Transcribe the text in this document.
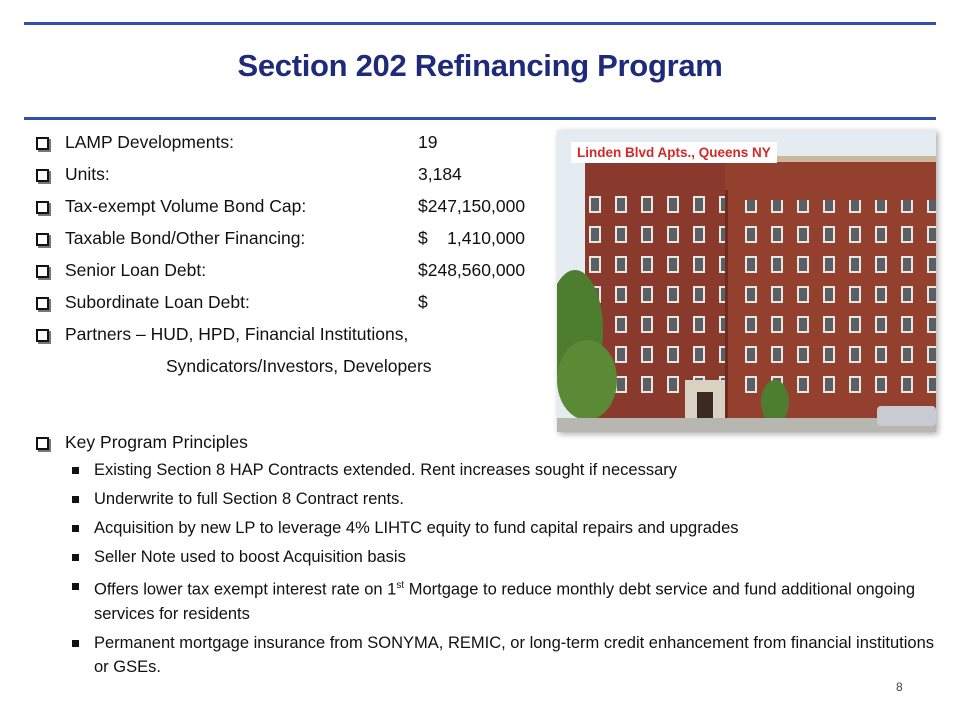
Section 202 Refinancing Program
LAMP Developments:	19
Units:	3,184
Tax-exempt Volume Bond Cap:	$247,150,000
Taxable Bond/Other Financing:	$    1,410,000
Senior Loan Debt:	$248,560,000
Subordinate Loan Debt:	$
Partners – HUD, HPD, Financial Institutions,
Syndicators/Investors, Developers
Key Program Principles
Existing Section 8 HAP Contracts extended. Rent increases sought if necessary
Underwrite to full Section 8 Contract rents.
Acquisition by new LP to leverage 4% LIHTC equity to fund capital repairs and upgrades
Seller Note used to boost Acquisition basis
Offers lower tax exempt interest rate on 1st Mortgage to reduce monthly debt service and fund additional ongoing services for residents
Permanent mortgage insurance from SONYMA, REMIC, or long-term credit enhancement from financial institutions or GSEs.
Linden Blvd Apts., Queens NY
8
